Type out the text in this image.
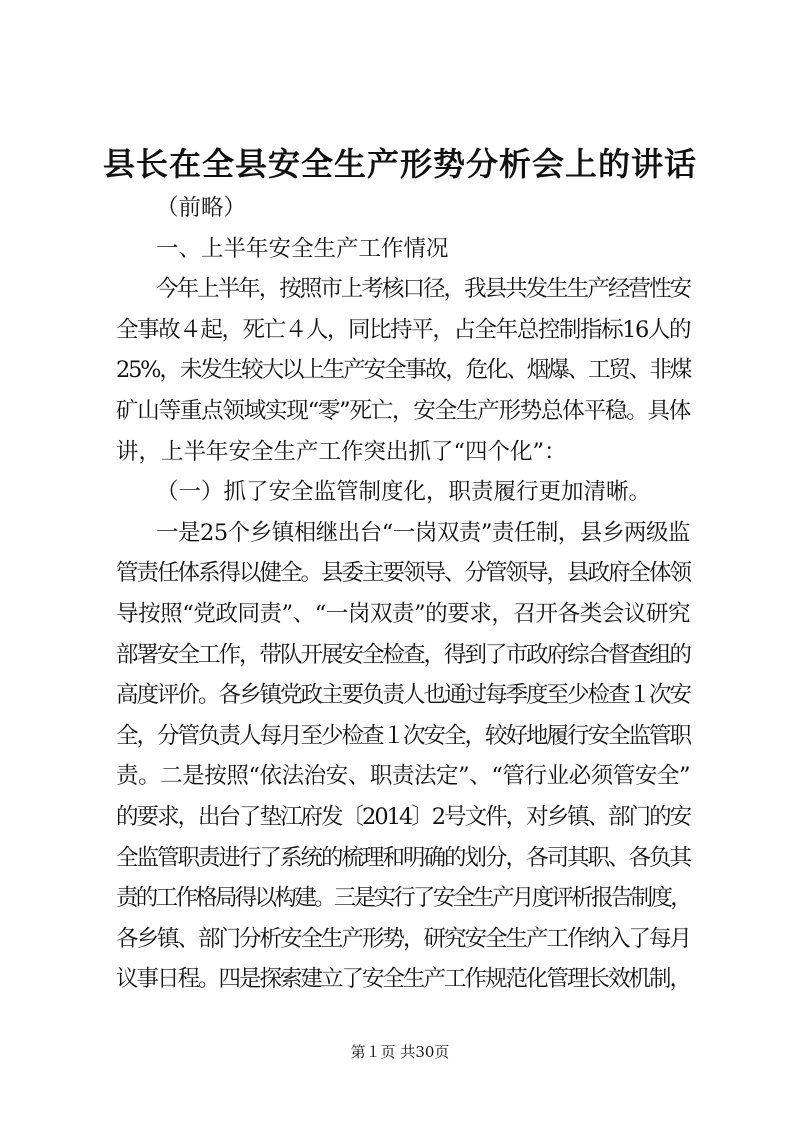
县长在全县安全生产形势分析会上的讲话
（前略）
一、上半年安全生产工作情况
今年上半年，按照市上考核口径，我县共发生生产经营性安
全事故４起，死亡４人，同比持平，占全年总控制指标16人的
25%，未发生较大以上生产安全事故，危化、烟爆、工贸、非煤
矿山等重点领域实现“零”死亡，安全生产形势总体平稳。具体
讲，上半年安全生产工作突出抓了“四个化”：
（一）抓了安全监管制度化，职责履行更加清晰。
一是25个乡镇相继出台“一岗双责”责任制，县乡两级监
管责任体系得以健全。县委主要领导、分管领导，县政府全体领
导按照“党政同责”、“一岗双责”的要求，召开各类会议研究
部署安全工作，带队开展安全检查，得到了市政府综合督查组的
高度评价。各乡镇党政主要负责人也通过每季度至少检查１次安
全，分管负责人每月至少检查１次安全，较好地履行安全监管职
责。二是按照“依法治安、职责法定”、“管行业必须管安全”
的要求，出台了垫江府发〔2014〕2号文件，对乡镇、部门的安
全监管职责进行了系统的梳理和明确的划分，各司其职、各负其
责的工作格局得以构建。三是实行了安全生产月度评析报告制度，
各乡镇、部门分析安全生产形势，研究安全生产工作纳入了每月
议事日程。四是探索建立了安全生产工作规范化管理长效机制，
第１页 共30页
